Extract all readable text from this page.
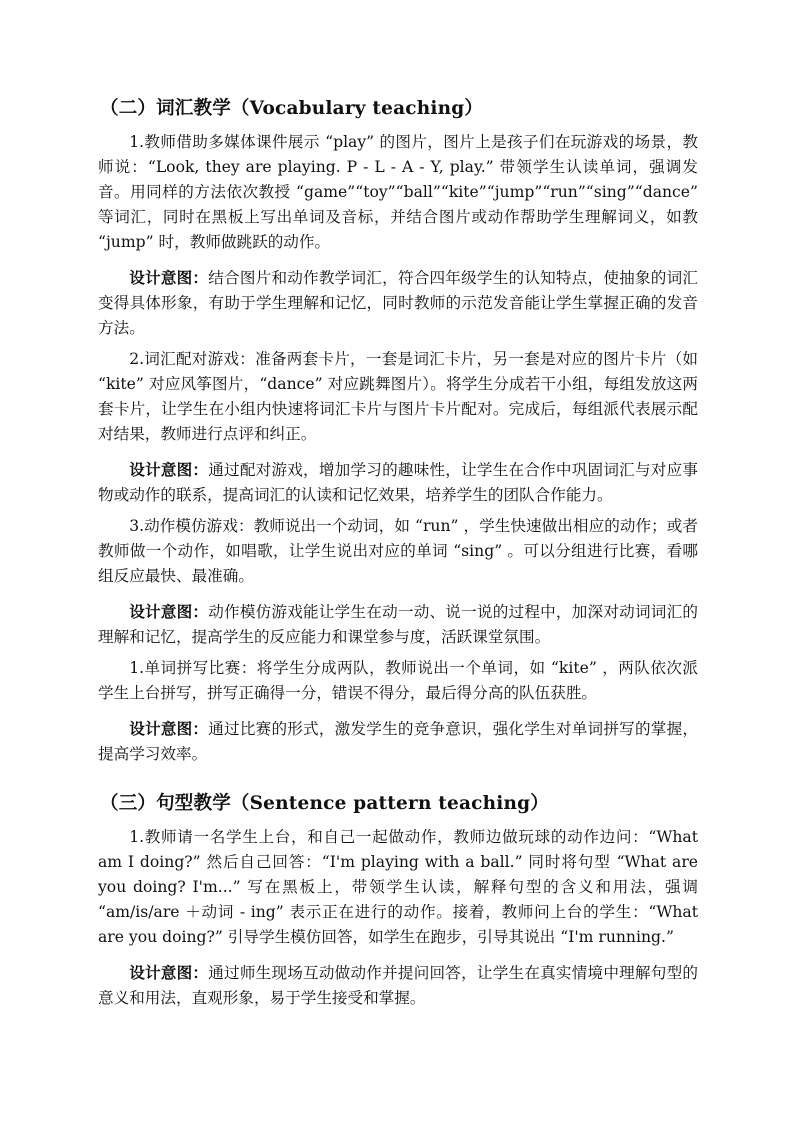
（二）词汇教学（Vocabulary teaching）

1.教师借助多媒体课件展示 “play” 的图片，图片上是孩子们在玩游戏的场景，教师说：“Look, they are playing. P - L - A - Y, play.” 带领学生认读单词，强调发音。用同样的方法依次教授 “game”“toy”“ball”“kite”“jump”“run”“sing”“dance” 等词汇，同时在黑板上写出单词及音标，并结合图片或动作帮助学生理解词义，如教 “jump” 时，教师做跳跃的动作。

设计意图：结合图片和动作教学词汇，符合四年级学生的认知特点，使抽象的词汇变得具体形象，有助于学生理解和记忆，同时教师的示范发音能让学生掌握正确的发音方法。

2.词汇配对游戏：准备两套卡片，一套是词汇卡片，另一套是对应的图片卡片（如 “kite” 对应风筝图片，“dance” 对应跳舞图片）。将学生分成若干小组，每组发放这两套卡片，让学生在小组内快速将词汇卡片与图片卡片配对。完成后，每组派代表展示配对结果，教师进行点评和纠正。

设计意图：通过配对游戏，增加学习的趣味性，让学生在合作中巩固词汇与对应事物或动作的联系，提高词汇的认读和记忆效果，培养学生的团队合作能力。

3.动作模仿游戏：教师说出一个动词，如 “run” ，学生快速做出相应的动作；或者教师做一个动作，如唱歌，让学生说出对应的单词 “sing” 。可以分组进行比赛，看哪组反应最快、最准确。

设计意图：动作模仿游戏能让学生在动一动、说一说的过程中，加深对动词词汇的理解和记忆，提高学生的反应能力和课堂参与度，活跃课堂氛围。

1.单词拼写比赛：将学生分成两队，教师说出一个单词，如 “kite” ，两队依次派学生上台拼写，拼写正确得一分，错误不得分，最后得分高的队伍获胜。

设计意图：通过比赛的形式，激发学生的竞争意识，强化学生对单词拼写的掌握，提高学习效率。

（三）句型教学（Sentence pattern teaching）

1.教师请一名学生上台，和自己一起做动作，教师边做玩球的动作边问：“What am I doing?” 然后自己回答：“I'm playing with a ball.” 同时将句型 “What are you doing? I'm...” 写在黑板上，带领学生认读，解释句型的含义和用法，强调 “am/is/are ＋动词 - ing” 表示正在进行的动作。接着，教师问上台的学生：“What are you doing?” 引导学生模仿回答，如学生在跑步，引导其说出 “I'm running.”

设计意图：通过师生现场互动做动作并提问回答，让学生在真实情境中理解句型的意义和用法，直观形象，易于学生接受和掌握。
